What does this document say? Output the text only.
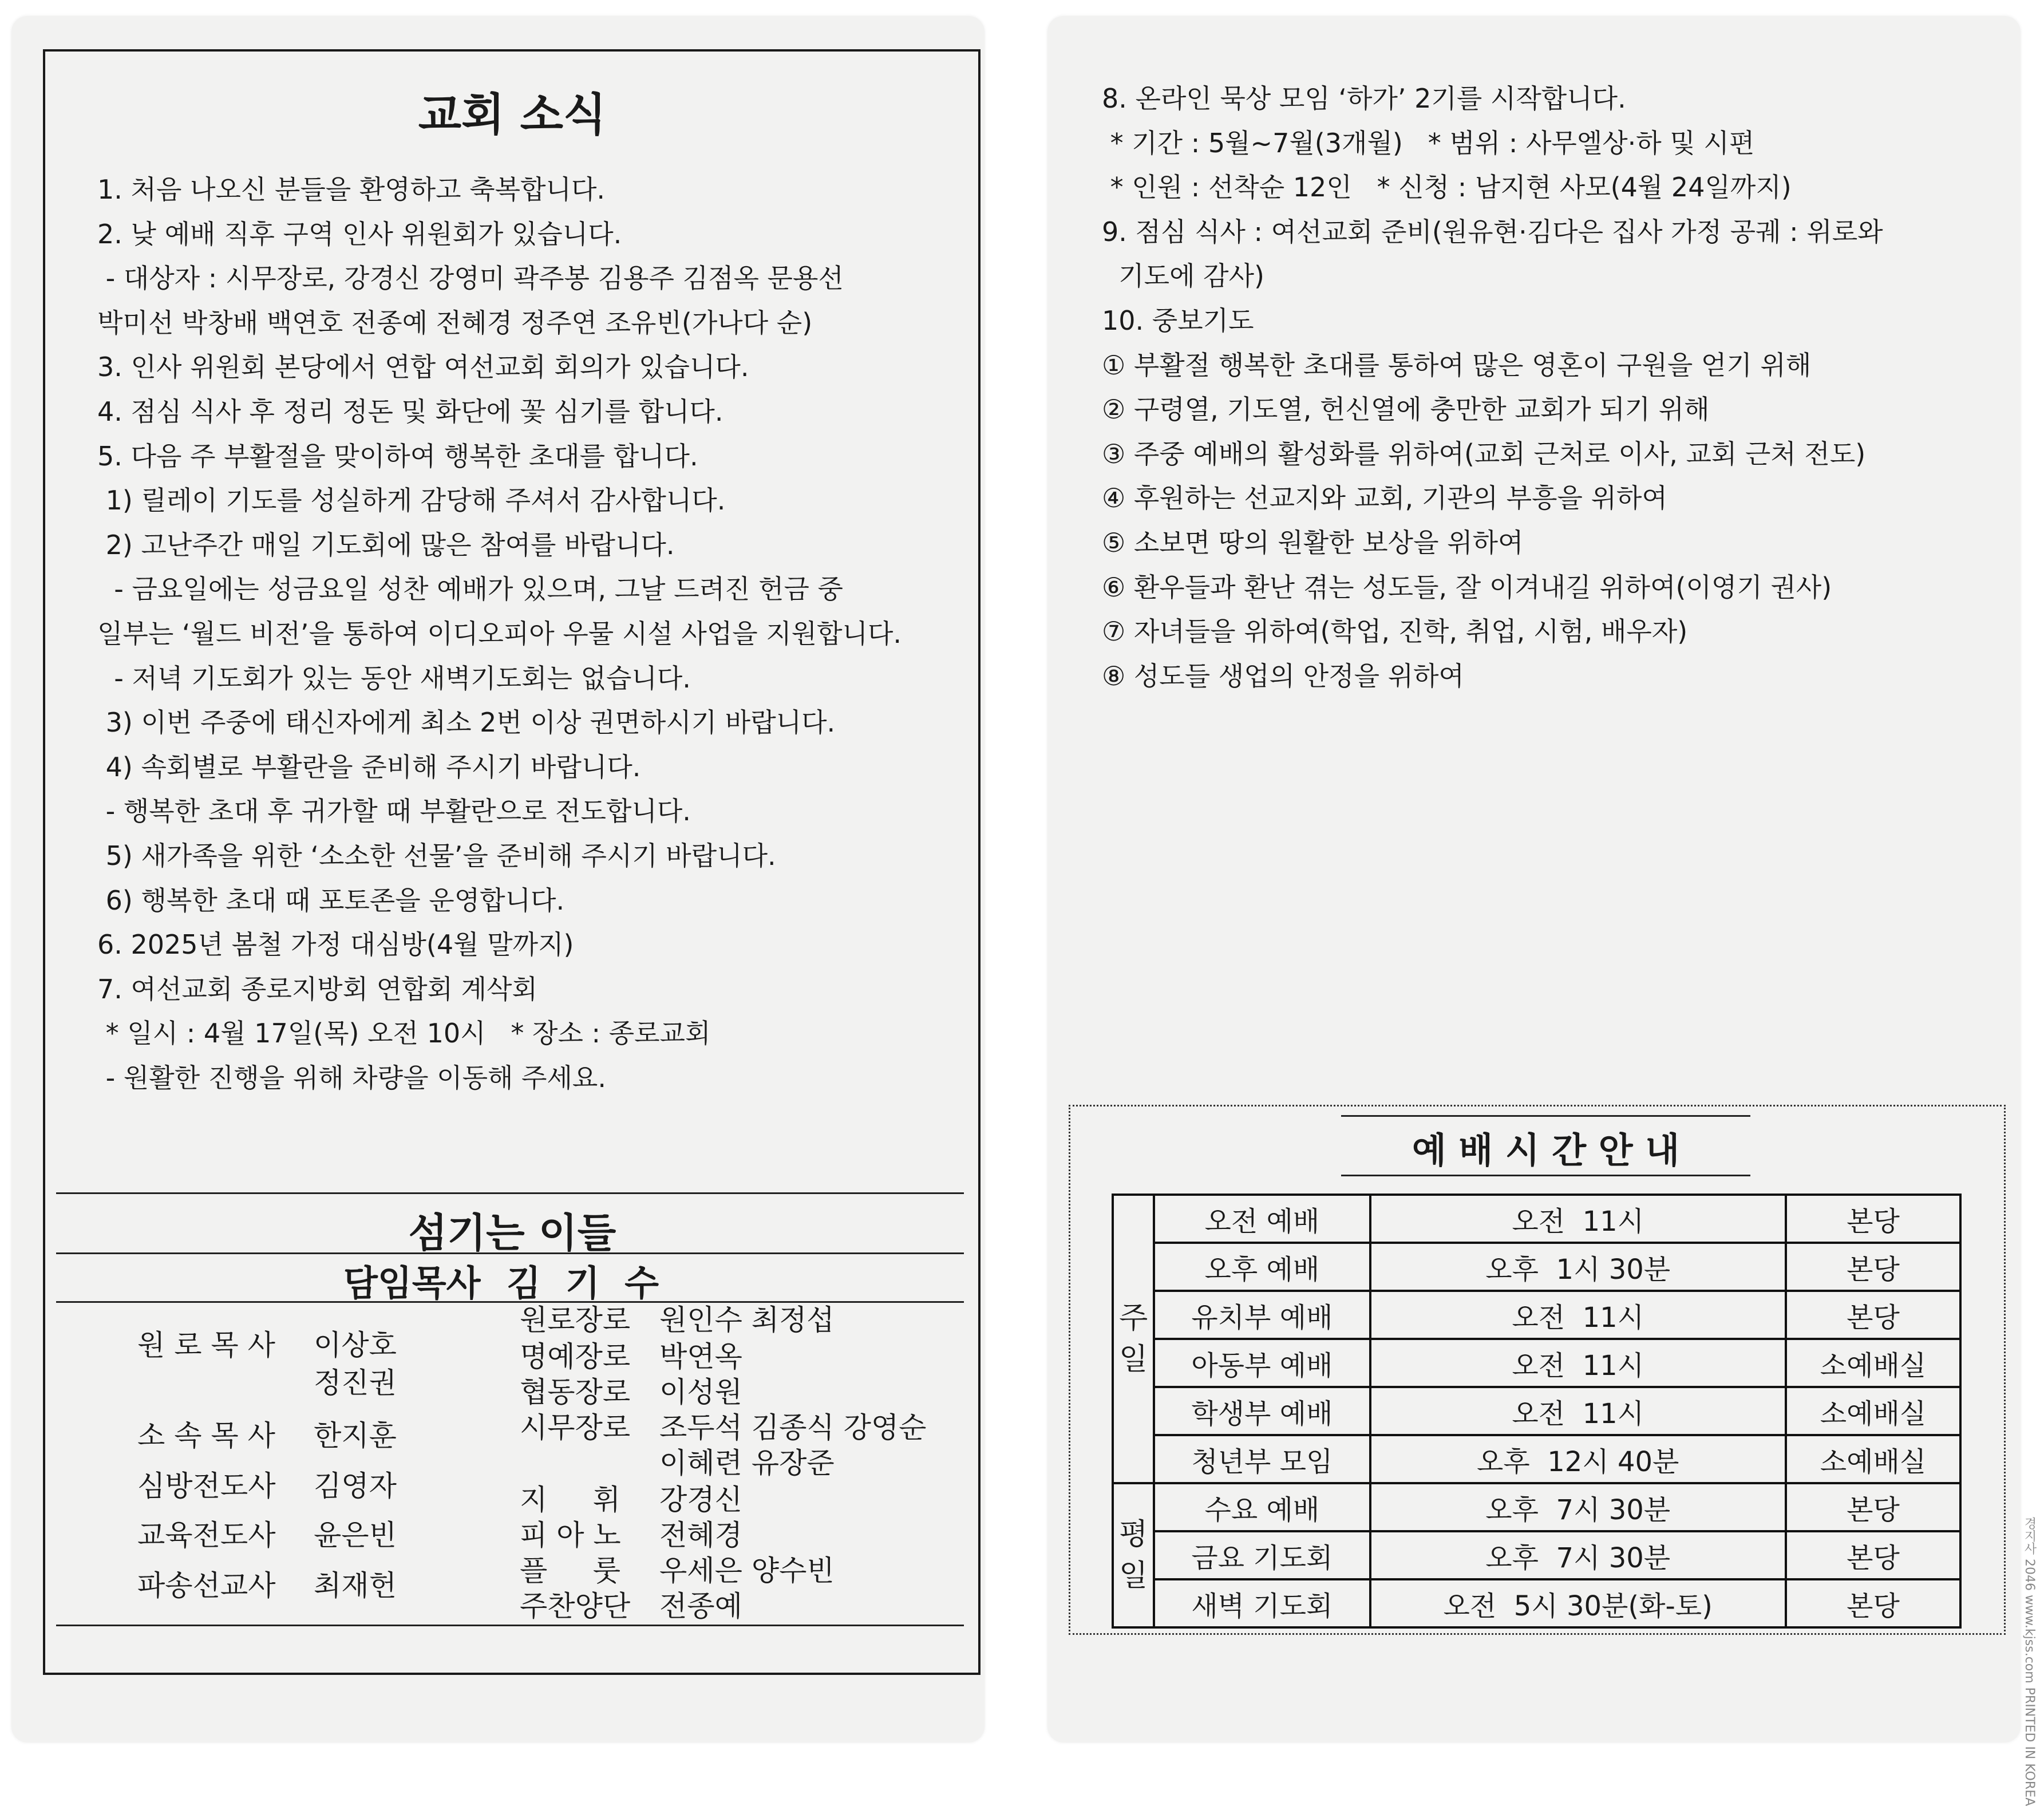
교회 소식
1. 처음 나오신 분들을 환영하고 축복합니다.
2. 낮 예배 직후 구역 인사 위원회가 있습니다.
- 대상자 : 시무장로, 강경신 강영미 곽주봉 김용주 김점옥 문용선
박미선 박창배 백연호 전종예 전혜경 정주연 조유빈(가나다 순)
3. 인사 위원회 본당에서 연합 여선교회 회의가 있습니다.
4. 점심 식사 후 정리 정돈 및 화단에 꽃 심기를 합니다.
5. 다음 주 부활절을 맞이하여 행복한 초대를 합니다.
1) 릴레이 기도를 성실하게 감당해 주셔서 감사합니다.
2) 고난주간 매일 기도회에 많은 참여를 바랍니다.
- 금요일에는 성금요일 성찬 예배가 있으며, 그날 드려진 헌금 중
일부는 ‘월드 비전’을 통하여 이디오피아 우물 시설 사업을 지원합니다.
- 저녁 기도회가 있는 동안 새벽기도회는 없습니다.
3) 이번 주중에 태신자에게 최소 2번 이상 권면하시기 바랍니다.
4) 속회별로 부활란을 준비해 주시기 바랍니다.
- 행복한 초대 후 귀가할 때 부활란으로 전도합니다.
5) 새가족을 위한 ‘소소한 선물’을 준비해 주시기 바랍니다.
6) 행복한 초대 때 포토존을 운영합니다.
6. 2025년 봄철 가정 대심방(4월 말까지)
7. 여선교회 종로지방회 연합회 계삭회
* 일시 : 4월 17일(목) 오전 10시   * 장소 : 종로교회
- 원활한 진행을 위해 차량을 이동해 주세요.
섬기는 이들
담임목사 김  기  수
원 로 목 사 이상호
정진권
소 속 목 사 한지훈
심방전도사 김영자
교육전도사 윤은빈
파송선교사 최재헌
원로장로 원인수 최정섭
명예장로 박연옥
협동장로 이성원
시무장로 조두석 김종식 강영순
이혜련 유장준
지     휘 강경신
피 아 노 전혜경
플     룻 우세은 양수빈
주찬양단 전종예
8. 온라인 묵상 모임 ‘하가’ 2기를 시작합니다.
* 기간 : 5월~7월(3개월)   * 범위 : 사무엘상·하 및 시편
* 인원 : 선착순 12인   * 신청 : 남지현 사모(4월 24일까지)
9. 점심 식사 : 여선교회 준비(원유현·김다은 집사 가정 공궤 : 위로와
기도에 감사)
10. 중보기도
① 부활절 행복한 초대를 통하여 많은 영혼이 구원을 얻기 위해
② 구령열, 기도열, 헌신열에 충만한 교회가 되기 위해
③ 주중 예배의 활성화를 위하여(교회 근처로 이사, 교회 근처 전도)
④ 후원하는 선교지와 교회, 기관의 부흥을 위하여
⑤ 소보면 땅의 원활한 보상을 위하여
⑥ 환우들과 환난 겪는 성도들, 잘 이겨내길 위하여(이영기 권사)
⑦ 자녀들을 위하여(학업, 진학, 취업, 시험, 배우자)
⑧ 성도들 생업의 안정을 위하여
예 배 시 간 안 내
주
일	오전 예배	오전  11시	본당
	오후 예배	오후  1시 30분	본당
	유치부 예배	오전  11시	본당
	아동부 예배	오전  11시	소예배실
	학생부 예배	오전  11시	소예배실
	청년부 모임	오후  12시 40분	소예배실
평
일	수요 예배	오후  7시 30분	본당
	금요 기도회	오후  7시 30분	본당
	새벽 기도회	오전  5시 30분(화-토)	본당	경지사 2046 www.kjss.com PRINTED IN KOREA
